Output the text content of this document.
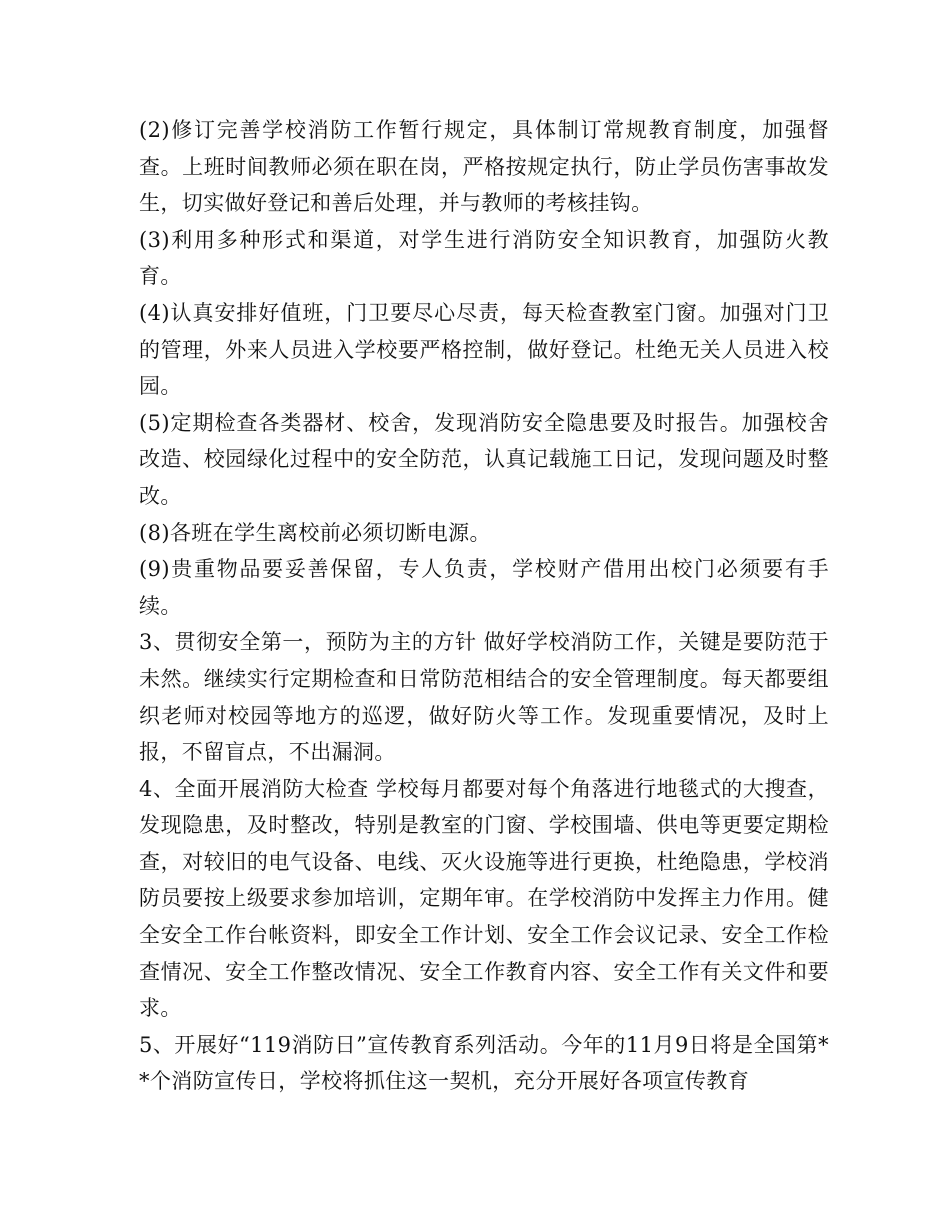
(2)修订完善学校消防工作暂行规定，具体制订常规教育制度，加强督查。上班时间教师必须在职在岗，严格按规定执行，防止学员伤害事故发生，切实做好登记和善后处理，并与教师的考核挂钩。

(3)利用多种形式和渠道，对学生进行消防安全知识教育，加强防火教育。

(4)认真安排好值班，门卫要尽心尽责，每天检查教室门窗。加强对门卫的管理，外来人员进入学校要严格控制，做好登记。杜绝无关人员进入校园。

(5)定期检查各类器材、校舍，发现消防安全隐患要及时报告。加强校舍改造、校园绿化过程中的安全防范，认真记载施工日记，发现问题及时整改。

(8)各班在学生离校前必须切断电源。

(9)贵重物品要妥善保留，专人负责，学校财产借用出校门必须要有手续。

3、贯彻安全第一，预防为主的方针 做好学校消防工作，关键是要防范于未然。继续实行定期检查和日常防范相结合的安全管理制度。每天都要组织老师对校园等地方的巡逻，做好防火等工作。发现重要情况，及时上报，不留盲点，不出漏洞。

4、全面开展消防大检查 学校每月都要对每个角落进行地毯式的大搜查，发现隐患，及时整改，特别是教室的门窗、学校围墙、供电等更要定期检查，对较旧的电气设备、电线、灭火设施等进行更换，杜绝隐患，学校消防员要按上级要求参加培训，定期年审。在学校消防中发挥主力作用。健全安全工作台帐资料，即安全工作计划、安全工作会议记录、安全工作检查情况、安全工作整改情况、安全工作教育内容、安全工作有关文件和要求。

5、开展好“119消防日”宣传教育系列活动。今年的11月9日将是全国第**个消防宣传日，学校将抓住这一契机，充分开展好各项宣传教育
